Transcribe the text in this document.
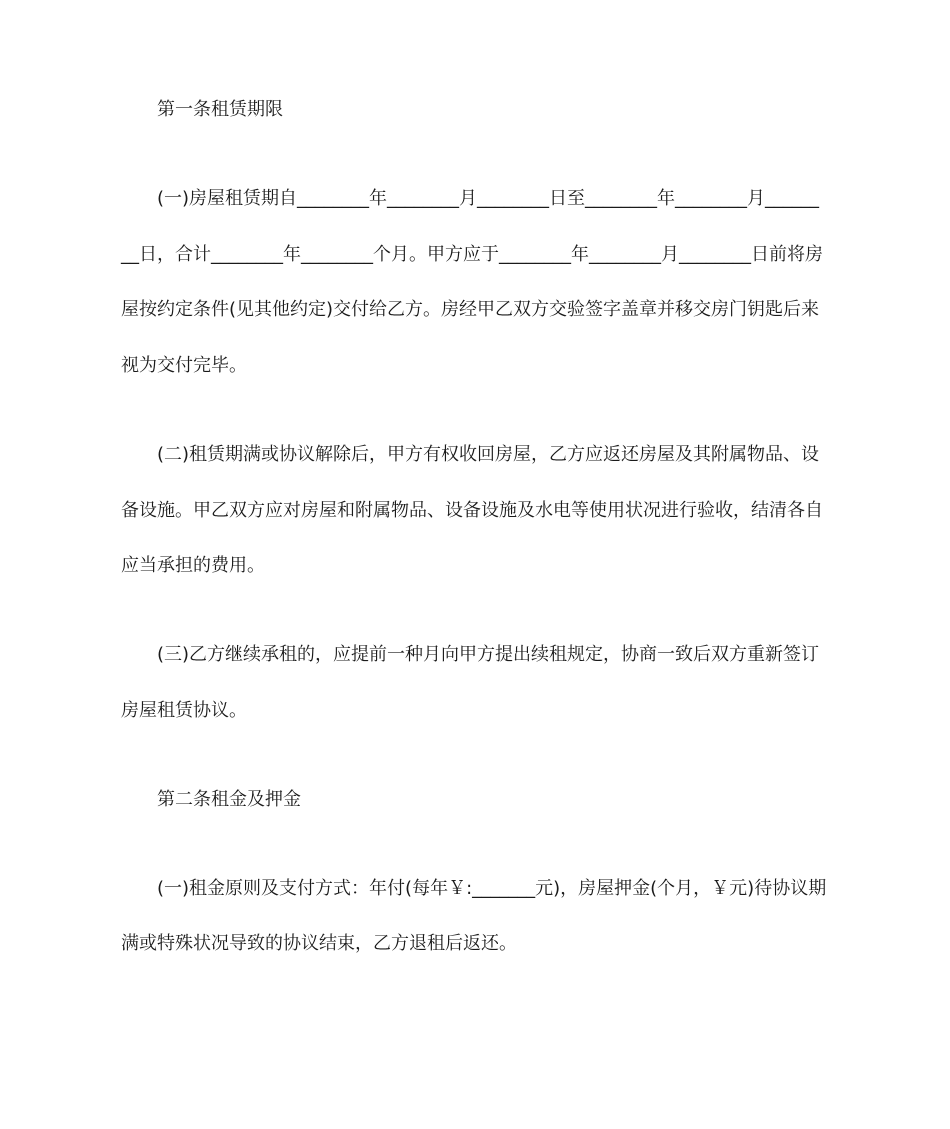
第一条租赁期限
(一)房屋租赁期自________年________月________日至________年________月______
__日，合计________年________个月。甲方应于________年________月________日前将房
屋按约定条件(见其他约定)交付给乙方。房经甲乙双方交验签字盖章并移交房门钥匙后来
视为交付完毕。
(二)租赁期满或协议解除后，甲方有权收回房屋，乙方应返还房屋及其附属物品、设
备设施。甲乙双方应对房屋和附属物品、设备设施及水电等使用状况进行验收，结清各自
应当承担的费用。
(三)乙方继续承租的，应提前一种月向甲方提出续租规定，协商一致后双方重新签订
房屋租赁协议。
第二条租金及押金
(一)租金原则及支付方式：年付(每年￥:_______元)，房屋押金(个月，￥元)待协议期
满或特殊状况导致的协议结束，乙方退租后返还。
